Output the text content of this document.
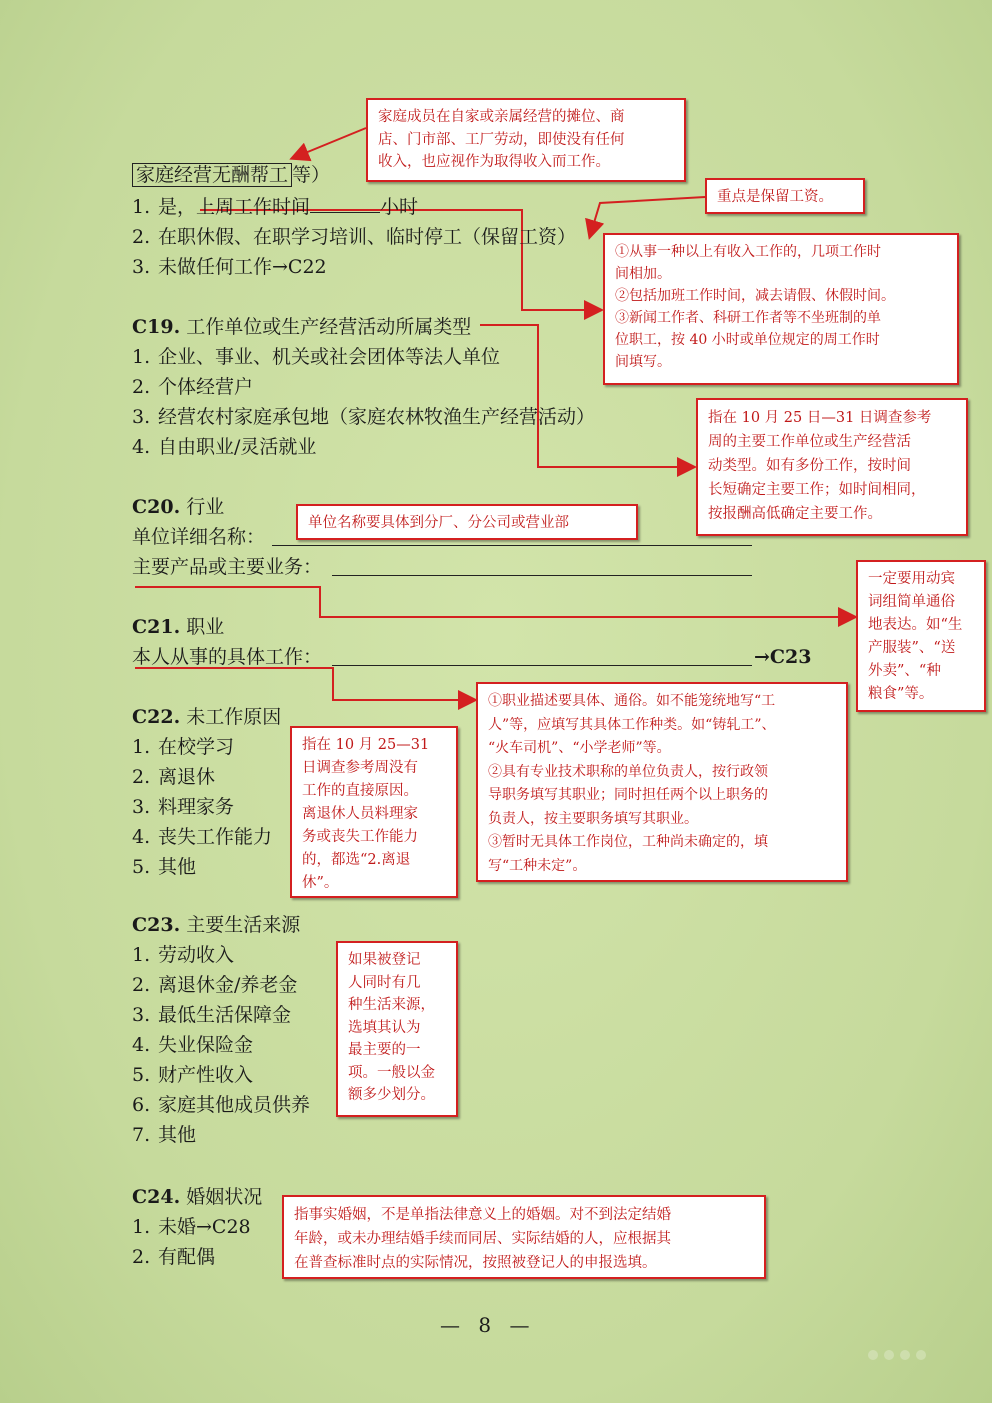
家庭经营无酬帮工 等）
1. 是，上周工作时间	小时
2. 在职休假、在职学习培训、临时停工（保留工资）
3. 未做任何工作→C22
C19. 工作单位或生产经营活动所属类型
1. 企业、事业、机关或社会团体等法人单位
2. 个体经营户
3. 经营农村家庭承包地（家庭农林牧渔生产经营活动）
4. 自由职业/灵活就业
C20. 行业
单位详细名称：
主要产品或主要业务：
C21. 职业
本人从事的具体工作：	→C23
C22. 未工作原因
1. 在校学习
2. 离退休
3. 料理家务
4. 丧失工作能力
5. 其他
C23. 主要生活来源
1. 劳动收入
2. 离退休金/养老金
3. 最低生活保障金
4. 失业保险金
5. 财产性收入
6. 家庭其他成员供养
7. 其他
C24. 婚姻状况
1. 未婚→C28
2. 有配偶
家庭成员在自家或亲属经营的摊位、商
店、门市部、工厂劳动，即使没有任何
收入，也应视作为取得收入而工作。
重点是保留工资。
①从事一种以上有收入工作的，几项工作时
间相加。
②包括加班工作时间，减去请假、休假时间。
③新闻工作者、科研工作者等不坐班制的单
位职工，按 40 小时或单位规定的周工作时
间填写。
指在 10 月 25 日—31 日调查参考
周的主要工作单位或生产经营活
动类型。如有多份工作，按时间
长短确定主要工作；如时间相同，
按报酬高低确定主要工作。
单位名称要具体到分厂、分公司或营业部
一定要用动宾
词组简单通俗
地表达。如“生
产服装”、“送
外卖”、“种
粮食”等。
①职业描述要具体、通俗。如不能笼统地写“工
人”等，应填写其具体工作种类。如“铸轧工”、
“火车司机”、“小学老师”等。
②具有专业技术职称的单位负责人，按行政领
导职务填写其职业；同时担任两个以上职务的
负责人，按主要职务填写其职业。
③暂时无具体工作岗位，工种尚未确定的，填
写“工种未定”。
指在 10 月 25—31
日调查参考周没有
工作的直接原因。
离退休人员料理家
务或丧失工作能力
的，都选“2.离退
休”。
如果被登记
人同时有几
种生活来源，
选填其认为
最主要的一
项。一般以金
额多少划分。
指事实婚姻，不是单指法律意义上的婚姻。对不到法定结婚
年龄，或未办理结婚手续而同居、实际结婚的人，应根据其
在普查标准时点的实际情况，按照被登记人的申报选填。
— 8 —
